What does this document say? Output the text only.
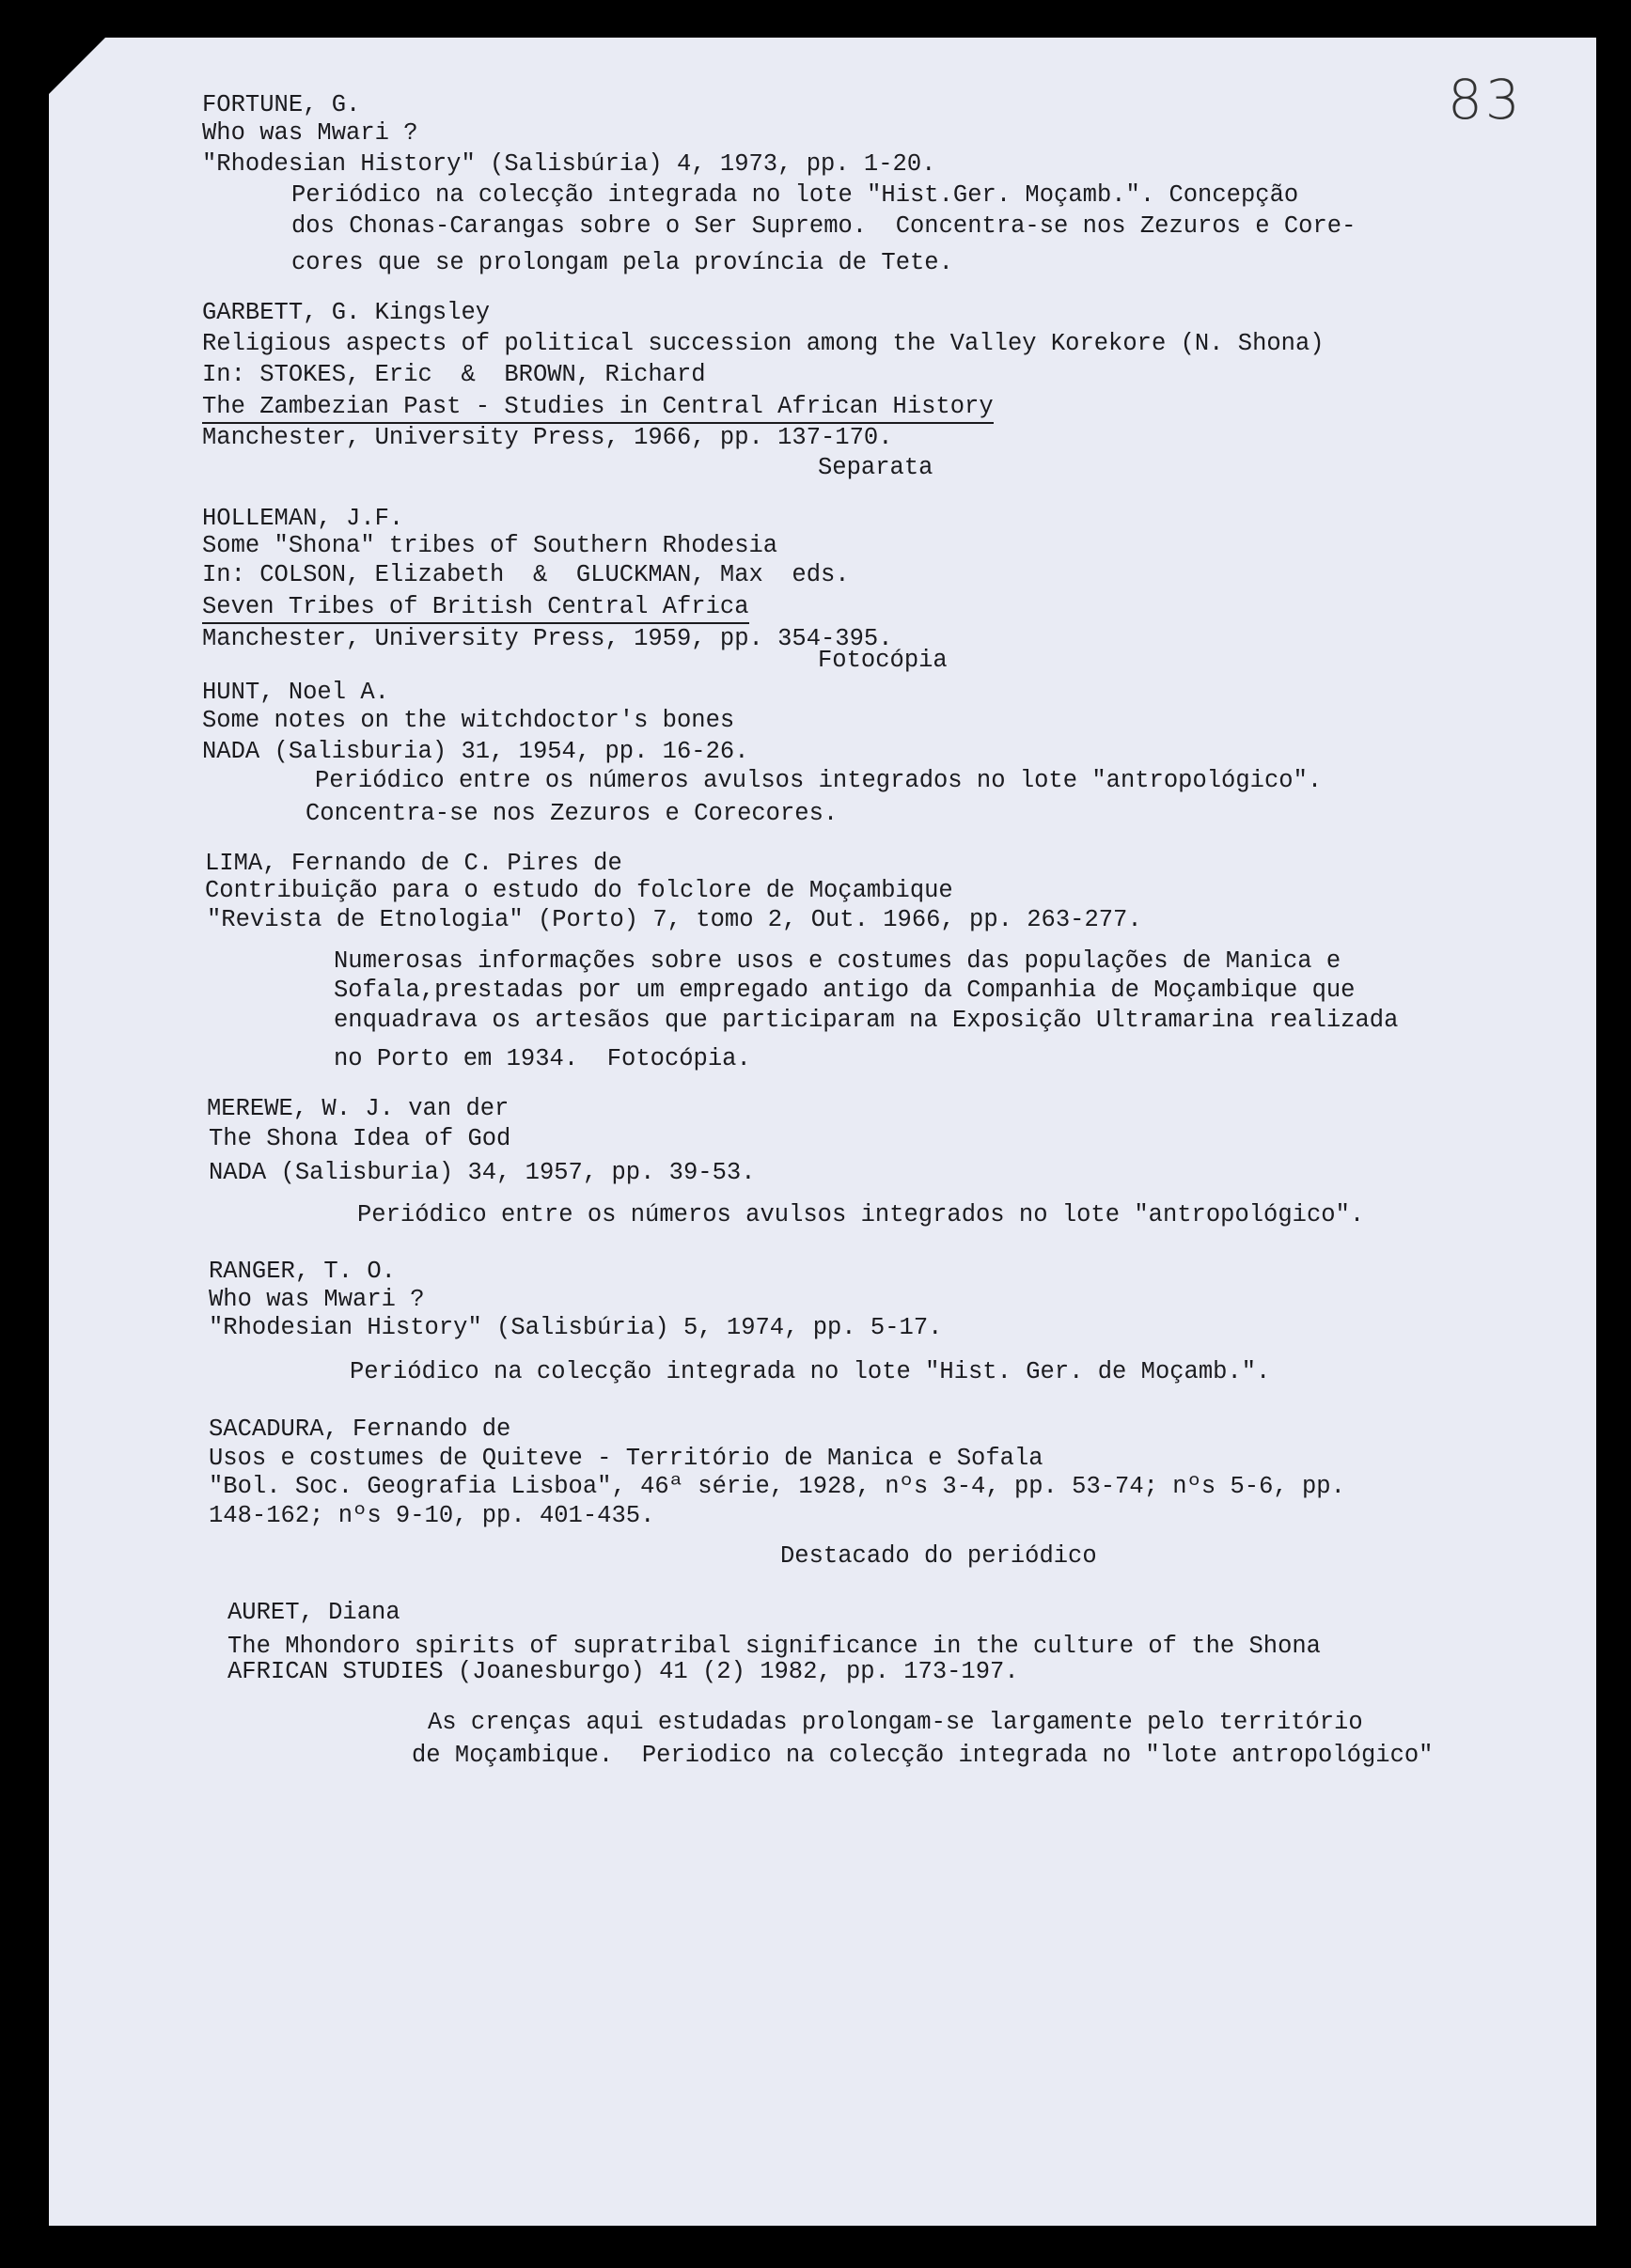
83
FORTUNE, G.
Who was Mwari ?
"Rhodesian History" (Salisbúria) 4, 1973, pp. 1-20.
Periódico na colecção integrada no lote "Hist.Ger. Moçamb.". Concepção
dos Chonas-Carangas sobre o Ser Supremo.  Concentra-se nos Zezuros e Core-
cores que se prolongam pela província de Tete.
GARBETT, G. Kingsley
Religious aspects of political succession among the Valley Korekore (N. Shona)
In: STOKES, Eric  &  BROWN, Richard
The Zambezian Past - Studies in Central African History
Manchester, University Press, 1966, pp. 137-170.
Separata
HOLLEMAN, J.F.
Some "Shona" tribes of Southern Rhodesia
In: COLSON, Elizabeth  &  GLUCKMAN, Max  eds.
Seven Tribes of British Central Africa
Manchester, University Press, 1959, pp. 354-395.
Fotocópia
HUNT, Noel A.
Some notes on the witchdoctor's bones
NADA (Salisburia) 31, 1954, pp. 16-26.
Periódico entre os números avulsos integrados no lote "antropológico".
Concentra-se nos Zezuros e Corecores.
LIMA, Fernando de C. Pires de
Contribuição para o estudo do folclore de Moçambique
"Revista de Etnologia" (Porto) 7, tomo 2, Out. 1966, pp. 263-277.
Numerosas informações sobre usos e costumes das populações de Manica e
Sofala,prestadas por um empregado antigo da Companhia de Moçambique que
enquadrava os artesãos que participaram na Exposição Ultramarina realizada
no Porto em 1934.  Fotocópia.
MEREWE, W. J. van der
The Shona Idea of God
NADA (Salisburia) 34, 1957, pp. 39-53.
Periódico entre os números avulsos integrados no lote "antropológico".
RANGER, T. O.
Who was Mwari ?
"Rhodesian History" (Salisbúria) 5, 1974, pp. 5-17.
Periódico na colecção integrada no lote "Hist. Ger. de Moçamb.".
SACADURA, Fernando de
Usos e costumes de Quiteve - Território de Manica e Sofala
"Bol. Soc. Geografia Lisboa", 46ª série, 1928, nºs 3-4, pp. 53-74; nºs 5-6, pp.
148-162; nºs 9-10, pp. 401-435.
Destacado do periódico
AURET, Diana
The Mhondoro spirits of supratribal significance in the culture of the Shona
AFRICAN STUDIES (Joanesburgo) 41 (2) 1982, pp. 173-197.
As crenças aqui estudadas prolongam-se largamente pelo território
de Moçambique.  Periodico na colecção integrada no "lote antropológico"
